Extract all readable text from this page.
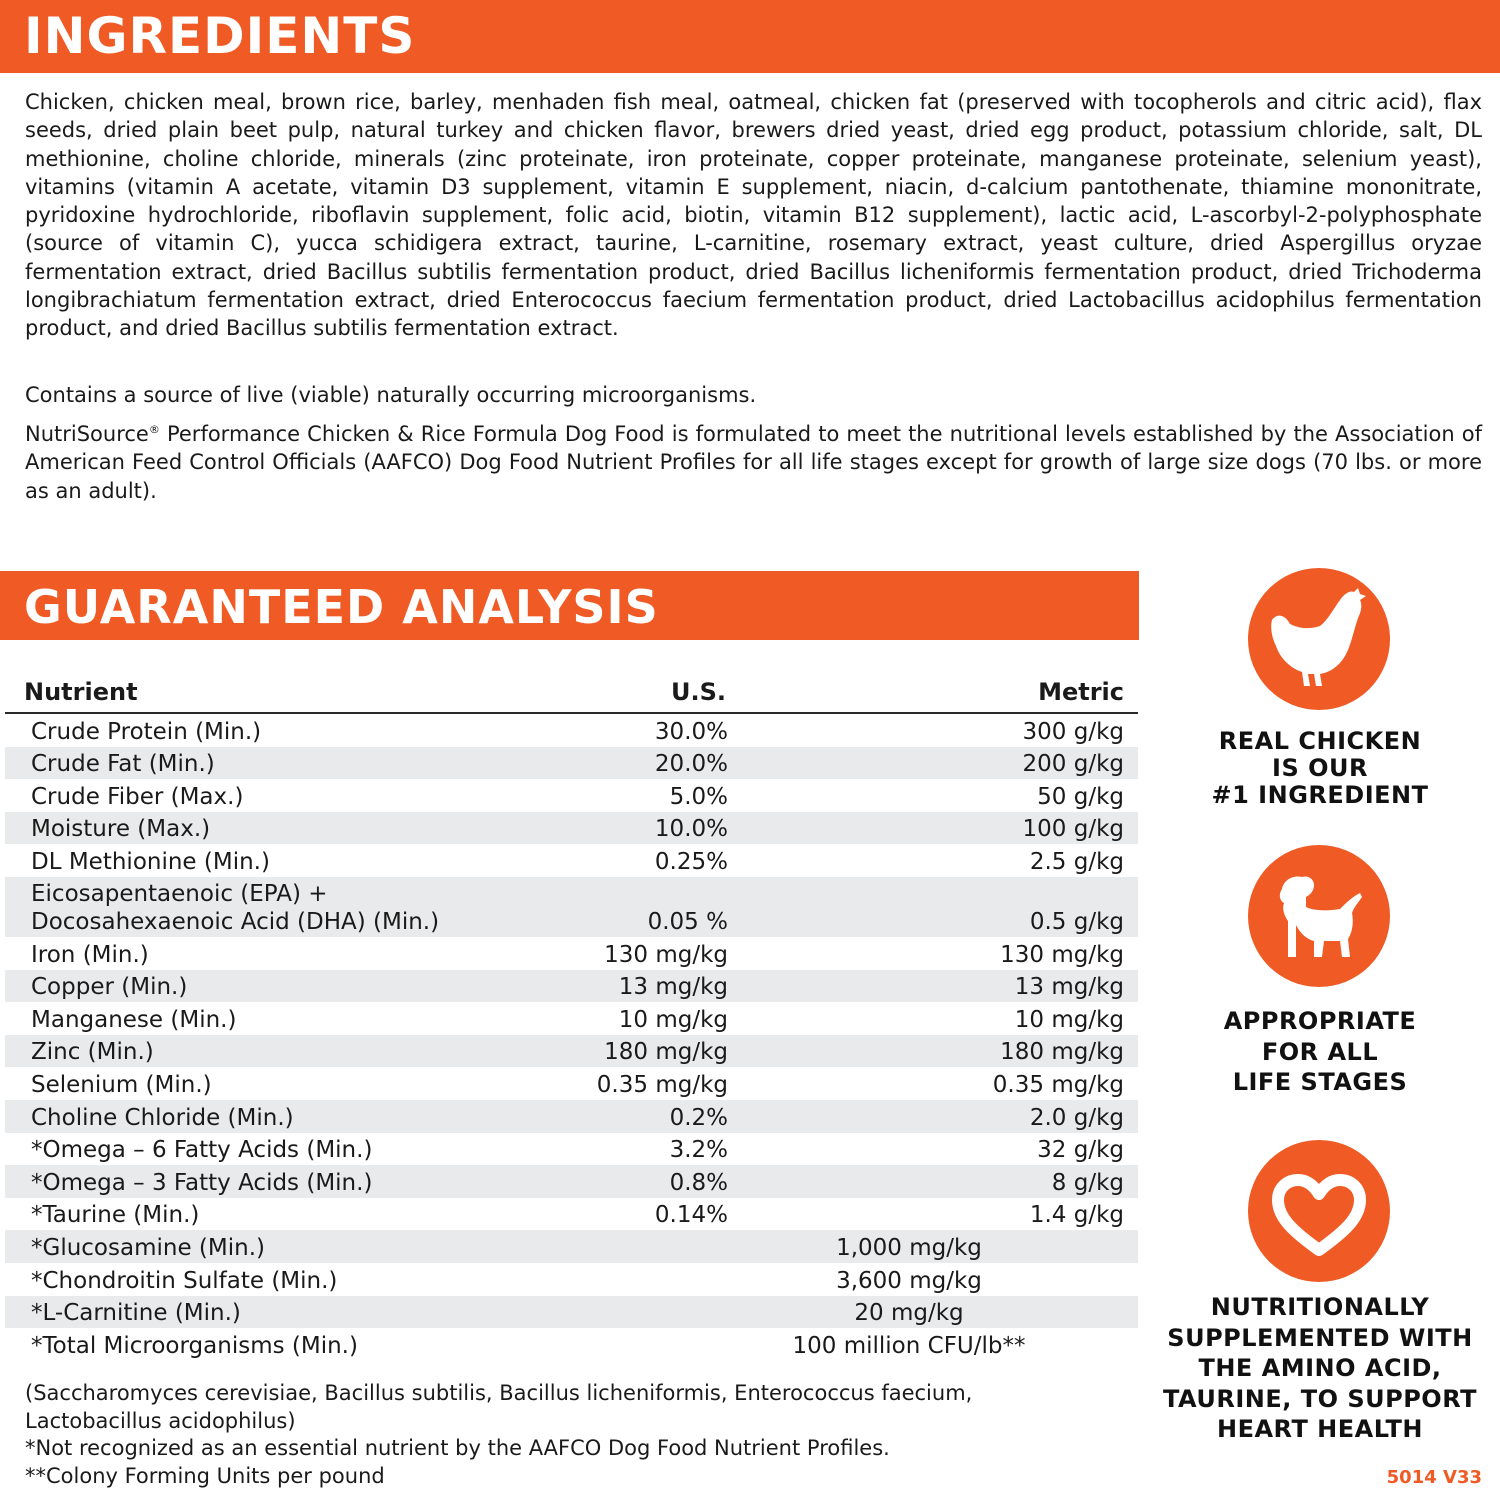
INGREDIENTS

Chicken, chicken meal, brown rice, barley, menhaden fish meal, oatmeal, chicken fat (preserved with tocopherols and citric acid), flax seeds, dried plain beet pulp, natural turkey and chicken flavor, brewers dried yeast, dried egg product, potassium chloride, salt, DL methionine, choline chloride, minerals (zinc proteinate, iron proteinate, copper proteinate, manganese proteinate, selenium yeast), vitamins (vitamin A acetate, vitamin D3 supplement, vitamin E supplement, niacin, d-calcium pantothenate, thiamine mononitrate, pyridoxine hydrochloride, riboflavin supplement, folic acid, biotin, vitamin B12 supplement), lactic acid, L-ascorbyl-2-polyphosphate (source of vitamin C), yucca schidigera extract, taurine, L-carnitine, rosemary extract, yeast culture, dried Aspergillus oryzae fermentation extract, dried Bacillus subtilis fermentation product, dried Bacillus licheniformis fermentation product, dried Trichoderma longibrachiatum fermentation extract, dried Enterococcus faecium fermentation product, dried Lactobacillus acidophilus fermentation product, and dried Bacillus subtilis fermentation extract.

Contains a source of live (viable) naturally occurring microorganisms.

NutriSource® Performance Chicken & Rice Formula Dog Food is formulated to meet the nutritional levels established by the Association of American Feed Control Officials (AAFCO) Dog Food Nutrient Profiles for all life stages except for growth of large size dogs (70 lbs. or more as an adult).

GUARANTEED ANALYSIS
Nutrient	U.S.	Metric
Crude Protein (Min.)	30.0%	300 g/kg
Crude Fat (Min.)	20.0%	200 g/kg
Crude Fiber (Max.)	5.0%	50 g/kg
Moisture (Max.)	10.0%	100 g/kg
DL Methionine (Min.)	0.25%	2.5 g/kg
Eicosapentaenoic (EPA) +
Docosahexaenoic Acid (DHA) (Min.)	0.05 %	0.5 g/kg
Iron (Min.)	130 mg/kg	130 mg/kg
Copper (Min.)	13 mg/kg	13 mg/kg
Manganese (Min.)	10 mg/kg	10 mg/kg
Zinc (Min.)	180 mg/kg	180 mg/kg
Selenium (Min.)	0.35 mg/kg	0.35 mg/kg
Choline Chloride (Min.)	0.2%	2.0 g/kg
*Omega – 6 Fatty Acids (Min.)	3.2%	32 g/kg
*Omega – 3 Fatty Acids (Min.)	0.8%	8 g/kg
*Taurine (Min.)	0.14%	1.4 g/kg
*Glucosamine (Min.)	1,000 mg/kg
*Chondroitin Sulfate (Min.)	3,600 mg/kg
*L-Carnitine (Min.)	20 mg/kg
*Total Microorganisms (Min.)	100 million CFU/lb**
(Saccharomyces cerevisiae, Bacillus subtilis, Bacillus licheniformis, Enterococcus faecium,
Lactobacillus acidophilus)
*Not recognized as an essential nutrient by the AAFCO Dog Food Nutrient Profiles.
**Colony Forming Units per pound
REAL CHICKEN
IS OUR
#1 INGREDIENT
APPROPRIATE
FOR ALL
LIFE STAGES
NUTRITIONALLY
SUPPLEMENTED WITH
THE AMINO ACID,
TAURINE, TO SUPPORT
HEART HEALTH
5014 V33
